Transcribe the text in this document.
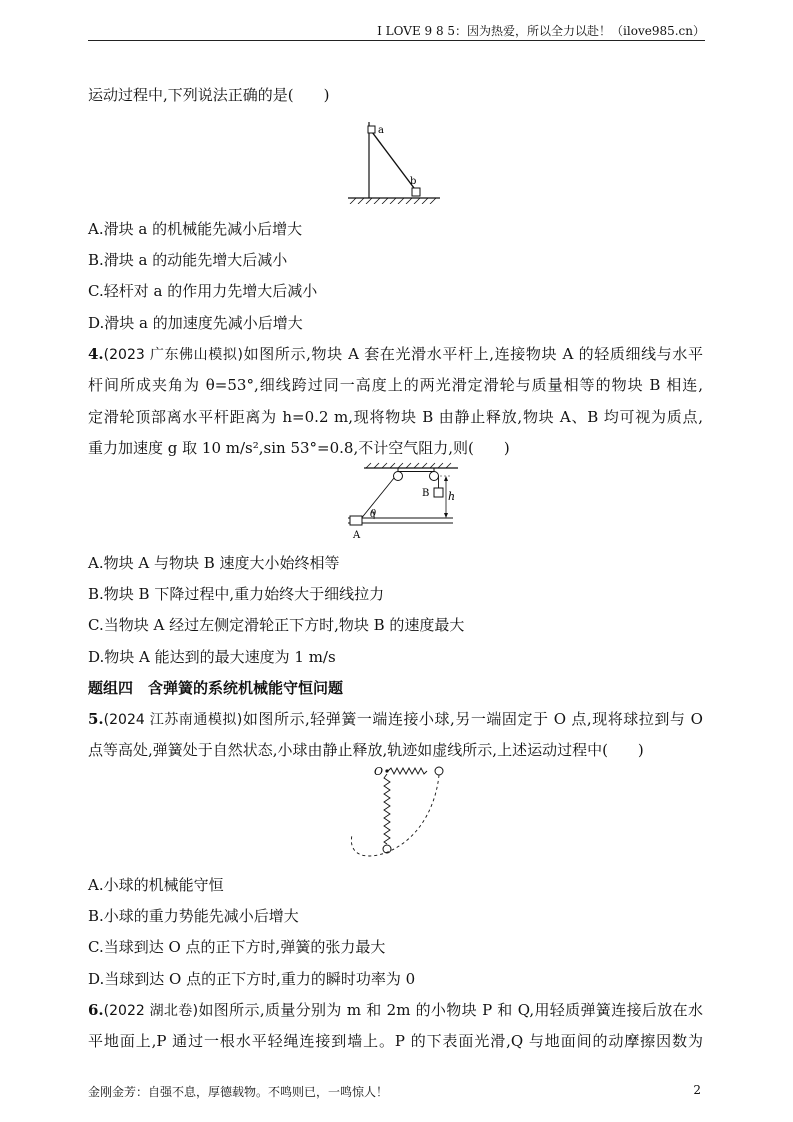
I LOVE 9 8 5：因为热爱，所以全力以赴！（ilove985.cn）
运动过程中,下列说法正确的是(　　)
a
b
A.滑块 a 的机械能先减小后增大
B.滑块 a 的动能先增大后减小
C.轻杆对 a 的作用力先增大后减小
D.滑块 a 的加速度先减小后增大
4.(2023 广东佛山模拟)如图所示,物块 A 套在光滑水平杆上,连接物块 A 的轻质细线与水平
杆间所成夹角为 θ=53°,细线跨过同一高度上的两光滑定滑轮与质量相等的物块 B 相连,
定滑轮顶部离水平杆距离为 h=0.2 m,现将物块 B 由静止释放,物块 A、B 均可视为质点,
重力加速度 g 取 10 m/s²,sin 53°=0.8,不计空气阻力,则(　　)
B h
θ
A
A.物块 A 与物块 B 速度大小始终相等
B.物块 B 下降过程中,重力始终大于细线拉力
C.当物块 A 经过左侧定滑轮正下方时,物块 B 的速度最大
D.物块 A 能达到的最大速度为 1 m/s
题组四　含弹簧的系统机械能守恒问题
5.(2024 江苏南通模拟)如图所示,轻弹簧一端连接小球,另一端固定于 O 点,现将球拉到与 O
点等高处,弹簧处于自然状态,小球由静止释放,轨迹如虚线所示,上述运动过程中(　　)
O
A.小球的机械能守恒
B.小球的重力势能先减小后增大
C.当球到达 O 点的正下方时,弹簧的张力最大
D.当球到达 O 点的正下方时,重力的瞬时功率为 0
6.(2022 湖北卷)如图所示,质量分别为 m 和 2m 的小物块 P 和 Q,用轻质弹簧连接后放在水
平地面上,P 通过一根水平轻绳连接到墙上。P 的下表面光滑,Q 与地面间的动摩擦因数为
金刚金芳：自强不息，厚德载物。不鸣则已，一鸣惊人！	2
